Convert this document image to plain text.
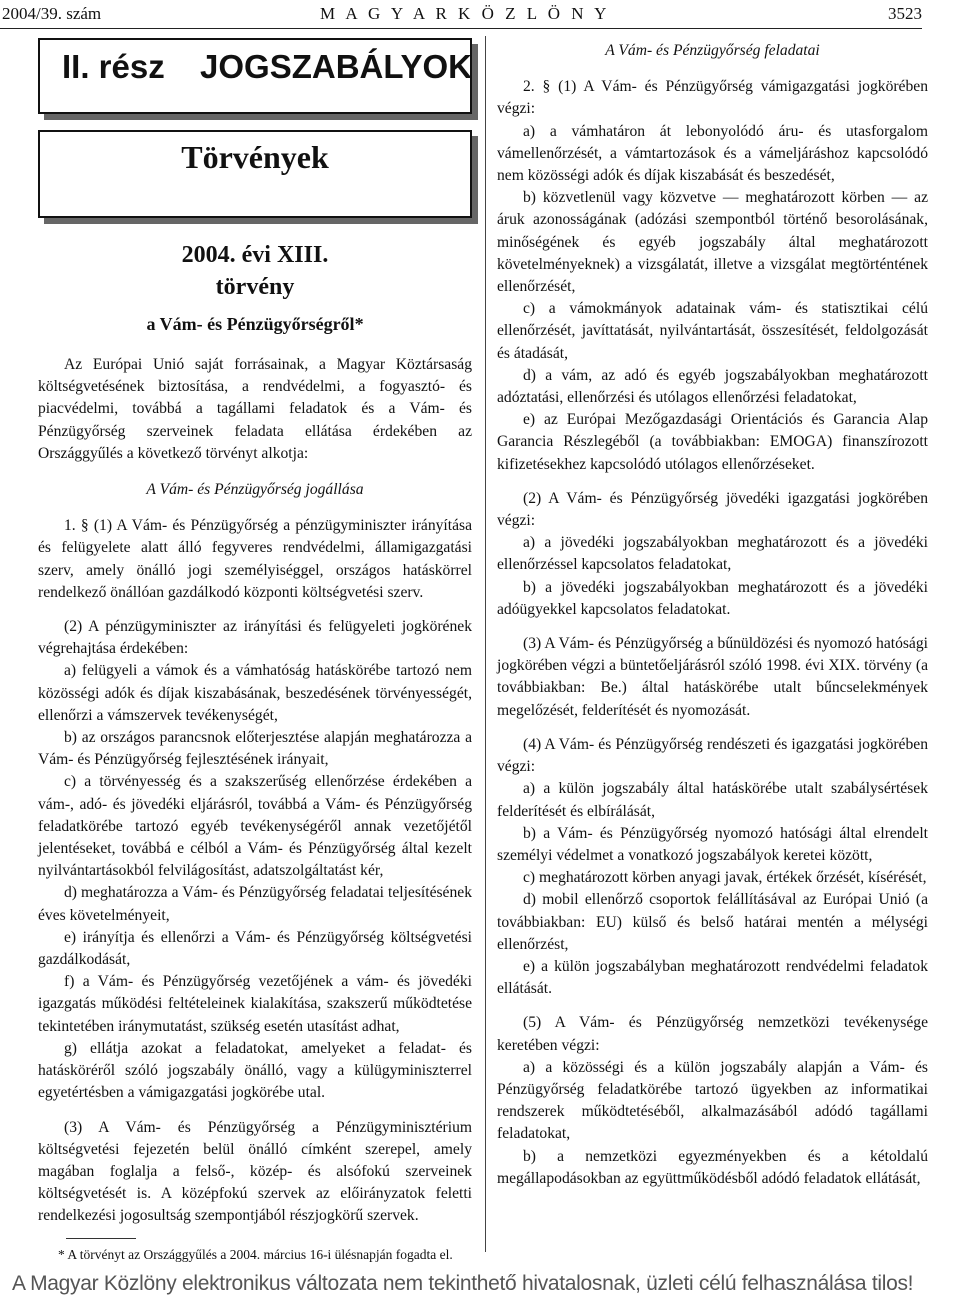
2004/39. szám	M A G Y A R K Ö Z L Ö N Y	3523
II. rész JOGSZABÁLYOK
Törvények
2004. évi XIII.
törvény
a Vám- és Pénzügyőrségről*

Az Európai Unió saját forrásainak, a Magyar Köztársaság költségvetésének biztosítása, a rendvédelmi, a fogyasztó- és piacvédelmi, továbbá a tagállami feladatok és a Vám- és Pénzügyőrség szerveinek feladata ellátása érdekében az Országgyűlés a következő törvényt alkotja:

A Vám- és Pénzügyőrség jogállása

1. § (1) A Vám- és Pénzügyőrség a pénzügyminiszter irányítása és felügyelete alatt álló fegyveres rendvédelmi, államigazgatási szerv, amely önálló jogi személyiséggel, országos hatáskörrel rendelkező önállóan gazdálkodó központi költségvetési szerv.

(2) A pénzügyminiszter az irányítási és felügyeleti jogkörének végrehajtása érdekében:

a) felügyeli a vámok és a vámhatóság hatáskörébe tartozó nem közösségi adók és díjak kiszabásának, beszedésének törvényességét, ellenőrzi a vámszervek tevékenységét,

b) az országos parancsnok előterjesztése alapján meghatározza a Vám- és Pénzügyőrség fejlesztésének irányait,

c) a törvényesség és a szakszerűség ellenőrzése érdekében a vám-, adó- és jövedéki eljárásról, továbbá a Vám- és Pénzügyőrség feladatkörébe tartozó egyéb tevékenységéről annak vezetőjétől jelentéseket, továbbá e célból a Vám- és Pénzügyőrség által kezelt nyilvántartásokból felvilágosítást, adatszolgáltatást kér,

d) meghatározza a Vám- és Pénzügyőrség feladatai teljesítésének éves követelményeit,

e) irányítja és ellenőrzi a Vám- és Pénzügyőrség költségvetési gazdálkodását,

f) a Vám- és Pénzügyőrség vezetőjének a vám- és jövedéki igazgatás működési feltételeinek kialakítása, szakszerű működtetése tekintetében iránymutatást, szükség esetén utasítást adhat,

g) ellátja azokat a feladatokat, amelyeket a feladat- és hatásköréről szóló jogszabály önálló, vagy a külügyminiszterrel egyetértésben a vámigazgatási jogkörébe utal.

(3) A Vám- és Pénzügyőrség a Pénzügyminisztérium költségvetési fejezetén belül önálló címként szerepel, amely magában foglalja a felső-, közép- és alsófokú szerveinek költségvetését is. A középfokú szervek az előirányzatok feletti rendelkezési jogosultság szempontjából részjogkörű szervek.

* A törvényt az Országgyűlés a 2004. március 16-i ülésnapján fogadta el.

A Vám- és Pénzügyőrség feladatai

2. § (1) A Vám- és Pénzügyőrség vámigazgatási jogkörében végzi:

a) a vámhatáron át lebonyolódó áru- és utasforgalom vámellenőrzését, a vámtartozások és a vámeljáráshoz kapcsolódó nem közösségi adók és díjak kiszabását és beszedését,

b) közvetlenül vagy közvetve — meghatározott körben — az áruk azonosságának (adózási szempontból történő besorolásának, minőségének és egyéb jogszabály által meghatározott követelményeknek) a vizsgálatát, illetve a vizsgálat megtörténtének ellenőrzését,

c) a vámokmányok adatainak vám- és statisztikai célú ellenőrzését, javíttatását, nyilvántartását, összesítését, feldolgozását és átadását,

d) a vám, az adó és egyéb jogszabályokban meghatározott adóztatási, ellenőrzési és utólagos ellenőrzési feladatokat,

e) az Európai Mezőgazdasági Orientációs és Garancia Alap Garancia Részlegéből (a továbbiakban: EMOGA) finanszírozott kifizetésekhez kapcsolódó utólagos ellenőrzéseket.

(2) A Vám- és Pénzügyőrség jövedéki igazgatási jogkörében végzi:

a) a jövedéki jogszabályokban meghatározott és a jövedéki ellenőrzéssel kapcsolatos feladatokat,

b) a jövedéki jogszabályokban meghatározott és a jövedéki adóügyekkel kapcsolatos feladatokat.

(3) A Vám- és Pénzügyőrség a bűnüldözési és nyomozó hatósági jogkörében végzi a büntetőeljárásról szóló 1998. évi XIX. törvény (a továbbiakban: Be.) által hatáskörébe utalt bűncselekmények megelőzését, felderítését és nyomozását.

(4) A Vám- és Pénzügyőrség rendészeti és igazgatási jogkörében végzi:

a) a külön jogszabály által hatáskörébe utalt szabálysértések felderítését és elbírálását,

b) a Vám- és Pénzügyőrség nyomozó hatósági által elrendelt személyi védelmet a vonatkozó jogszabályok keretei között,

c) meghatározott körben anyagi javak, értékek őrzését, kísérését,

d) mobil ellenőrző csoportok felállításával az Európai Unió (a továbbiakban: EU) külső és belső határai mentén a mélységi ellenőrzést,

e) a külön jogszabályban meghatározott rendvédelmi feladatok ellátását.

(5) A Vám- és Pénzügyőrség nemzetközi tevékenysége keretében végzi:

a) a közösségi és a külön jogszabály alapján a Vám- és Pénzügyőrség feladatkörébe tartozó ügyekben az informatikai rendszerek működtetéséből, alkalmazásából adódó tagállami feladatokat,

b) a nemzetközi egyezményekben és a kétoldalú megállapodásokban az együttműködésből adódó feladatok ellátását,

A Magyar Közlöny elektronikus változata nem tekinthető hivatalosnak, üzleti célú felhasználása tilos!
